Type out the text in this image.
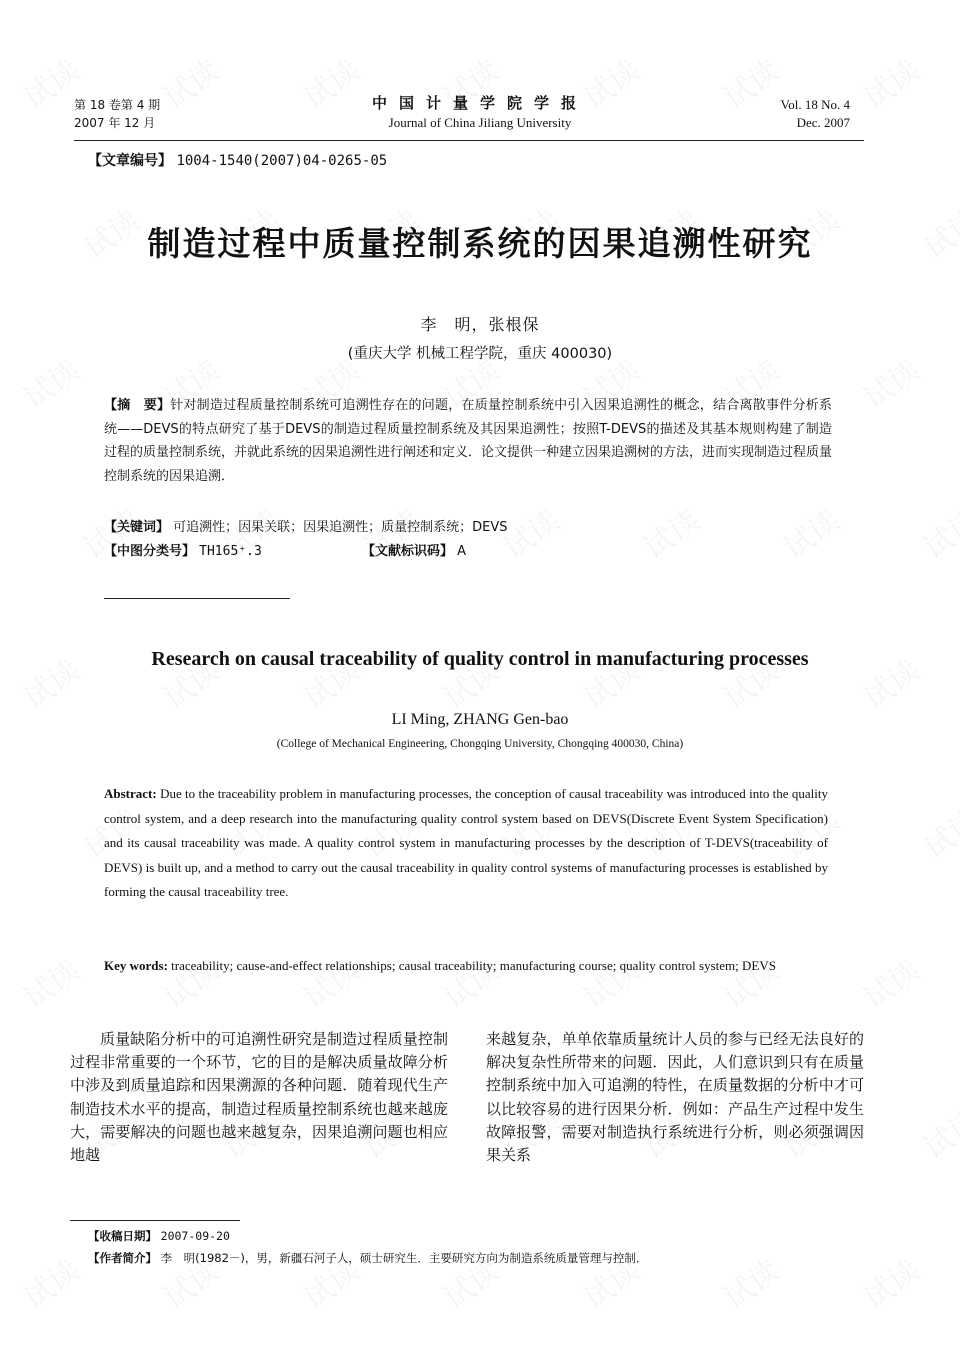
第 18 卷第 4 期
2007 年 12 月
中国计量学院学报
Journal of China Jiliang University
Vol. 18 No. 4
Dec. 2007
【文章编号】 1004-1540(2007)04-0265-05
制造过程中质量控制系统的因果追溯性研究
李　明，张根保
(重庆大学 机械工程学院，重庆 400030)
【摘　要】针对制造过程质量控制系统可追溯性存在的问题，在质量控制系统中引入因果追溯性的概念，结合离散事件分析系统——DEVS的特点研究了基于DEVS的制造过程质量控制系统及其因果追溯性；按照T-DEVS的描述及其基本规则构建了制造过程的质量控制系统，并就此系统的因果追溯性进行阐述和定义．论文提供一种建立因果追溯树的方法，进而实现制造过程质量控制系统的因果追溯．
【关键词】 可追溯性；因果关联；因果追溯性；质量控制系统；DEVS
【中图分类号】 TH165⁺.3	【文献标识码】 A
Research on causal traceability of quality control in manufacturing processes
LI Ming, ZHANG Gen-bao
(College of Mechanical Engineering, Chongqing University, Chongqing 400030, China)
Abstract: Due to the traceability problem in manufacturing processes, the conception of causal traceability was introduced into the quality control system, and a deep research into the manufacturing quality control system based on DEVS(Discrete Event System Specification) and its causal traceability was made. A quality control system in manufacturing processes by the description of T-DEVS(traceability of DEVS) is built up, and a method to carry out the causal traceability in quality control systems of manufacturing processes is established by forming the causal traceability tree.
Key words: traceability; cause-and-effect relationships; causal traceability; manufacturing course; quality control system; DEVS
质量缺陷分析中的可追溯性研究是制造过程质量控制过程非常重要的一个环节，它的目的是解决质量故障分析中涉及到质量追踪和因果溯源的各种问题．随着现代生产制造技术水平的提高，制造过程质量控制系统也越来越庞大，需要解决的问题也越来越复杂，因果追溯问题也相应地越
来越复杂，单单依靠质量统计人员的参与已经无法良好的解决复杂性所带来的问题．因此，人们意识到只有在质量控制系统中加入可追溯的特性，在质量数据的分析中才可以比较容易的进行因果分析．例如：产品生产过程中发生故障报警，需要对制造执行系统进行分析，则必须强调因果关系
【收稿日期】 2007-09-20
【作者简介】 李　明(1982－)，男，新疆石河子人，硕士研究生．主要研究方向为制造系统质量管理与控制．
